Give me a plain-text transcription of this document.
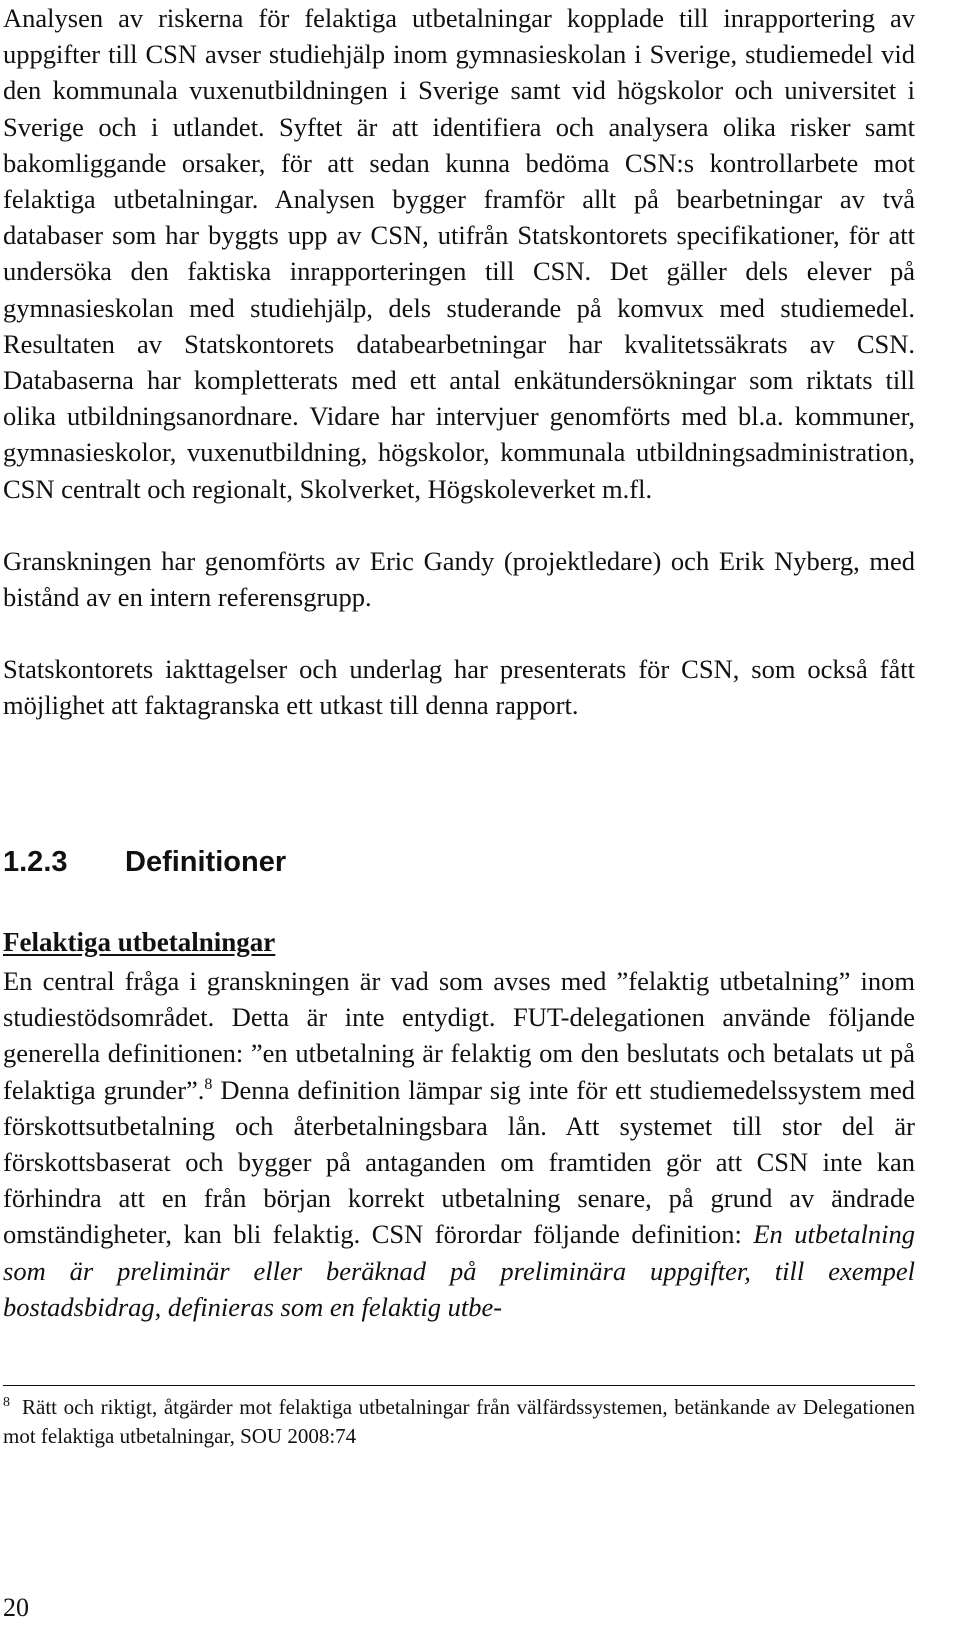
Analysen av riskerna för felaktiga utbetalningar kopplade till inrapportering av uppgifter till CSN avser studiehjälp inom gymnasieskolan i Sverige, studiemedel vid den kommunala vuxenutbildningen i Sverige samt vid högskolor och universitet i Sverige och i utlandet. Syftet är att identifiera och analysera olika risker samt bakomliggande orsaker, för att sedan kunna bedöma CSN:s kontrollarbete mot felaktiga utbetalningar. Analysen bygger framför allt på bearbetningar av två databaser som har byggts upp av CSN, utifrån Statskontorets specifikationer, för att undersöka den faktiska inrapporteringen till CSN. Det gäller dels elever på gymnasieskolan med studiehjälp, dels studerande på komvux med studiemedel. Resultaten av Statskontorets databearbetningar har kvalitetssäkrats av CSN. Databaserna har kompletterats med ett antal enkätundersökningar som riktats till olika utbildningsanordnare. Vidare har intervjuer genomförts med bl.a. kommuner, gymnasieskolor, vuxenutbildning, högskolor, kommunala utbildningsadministration, CSN centralt och regionalt, Skolverket, Högskoleverket m.fl.

Granskningen har genomförts av Eric Gandy (projektledare) och Erik Nyberg, med bistånd av en intern referensgrupp.

Statskontorets iakttagelser och underlag har presenterats för CSN, som också fått möjlighet att faktagranska ett utkast till denna rapport.

1.2.3 Definitioner
Felaktiga utbetalningar

En central fråga i granskningen är vad som avses med ”felaktig utbetalning” inom studiestödsområdet. Detta är inte entydigt. FUT-delegationen använde följande generella definitionen: ”en utbetalning är felaktig om den beslutats och betalats ut på felaktiga grunder”.$^8$ Denna definition lämpar sig inte för ett studiemedelssystem med förskottsutbetalning och återbetalningsbara lån. Att systemet till stor del är förskottsbaserat och bygger på antaganden om framtiden gör att CSN inte kan förhindra att en från början korrekt utbetalning senare, på grund av ändrade omständigheter, kan bli felaktig. CSN förordar följande definition: En utbetalning som är preliminär eller beräknad på preliminära uppgifter, till exempel bostadsbidrag, definieras som en felaktig utbe-

$^8$ Rätt och riktigt, åtgärder mot felaktiga utbetalningar från välfärdssystemen, betänkande av Delegationen mot felaktiga utbetalningar, SOU 2008:74

20
